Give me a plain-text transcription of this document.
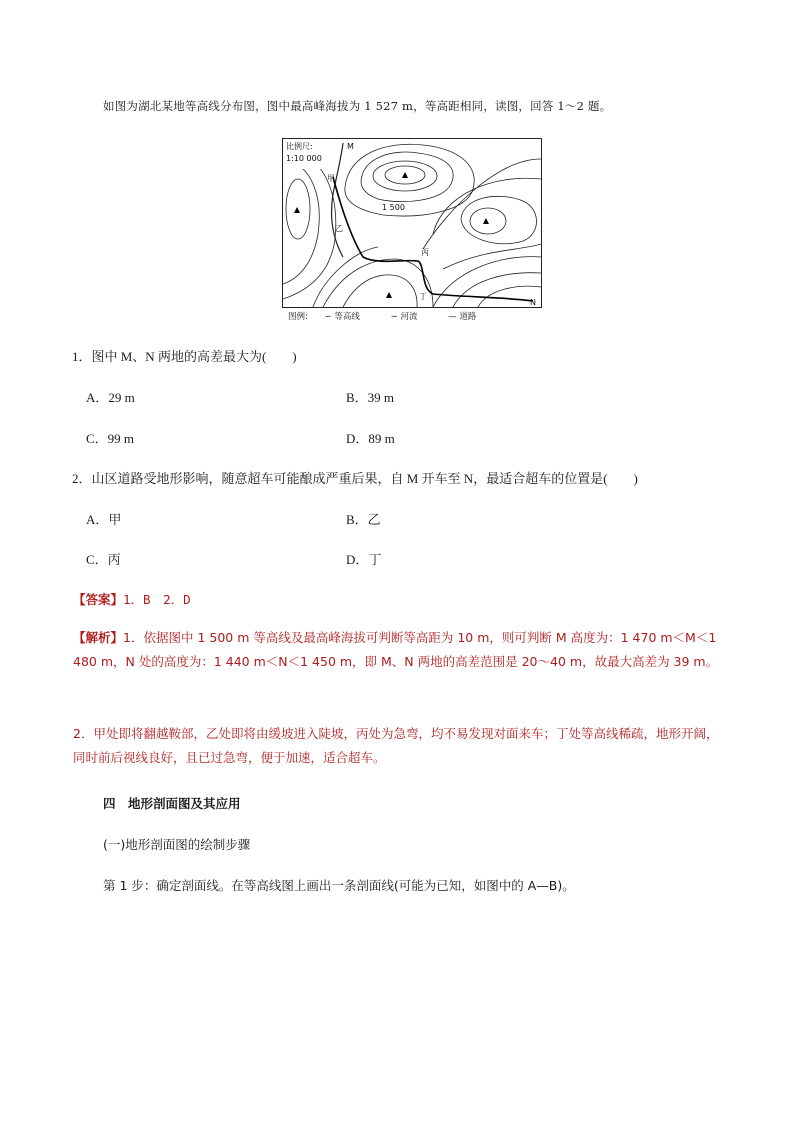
如图为湖北某地等高线分布图，图中最高峰海拔为 1 527 m，等高距相同，读图，回答 1～2 题。
比例尺:
1:10 000
M
甲
乙
丙
丁
N
1 500
图例: ∽ 等高线	∼ 河流	— 道路
1．图中 M、N 两地的高差最大为(　　)
A．29 m	B．39 m
C．99 m	D．89 m
2．山区道路受地形影响，随意超车可能酿成严重后果，自 M 开车至 N，最适合超车的位置是(　　)
A．甲	B．乙
C．丙	D．丁
【答案】1．B　2．D
【解析】1．依据图中 1 500 m 等高线及最高峰海拔可判断等高距为 10 m，则可判断 M 高度为：1 470 m＜M＜1 480 m，N 处的高度为：1 440 m＜N＜1 450 m，即 M、N 两地的高差范围是 20～40 m，故最大高差为 39 m。
2．甲处即将翻越鞍部，乙处即将由缓坡进入陡坡，丙处为急弯，均不易发现对面来车；丁处等高线稀疏，地形开阔，同时前后视线良好，且已过急弯，便于加速，适合超车。
四　地形剖面图及其应用
(一)地形剖面图的绘制步骤
第 1 步：确定剖面线。在等高线图上画出一条剖面线(可能为已知，如图中的 A—B)。
